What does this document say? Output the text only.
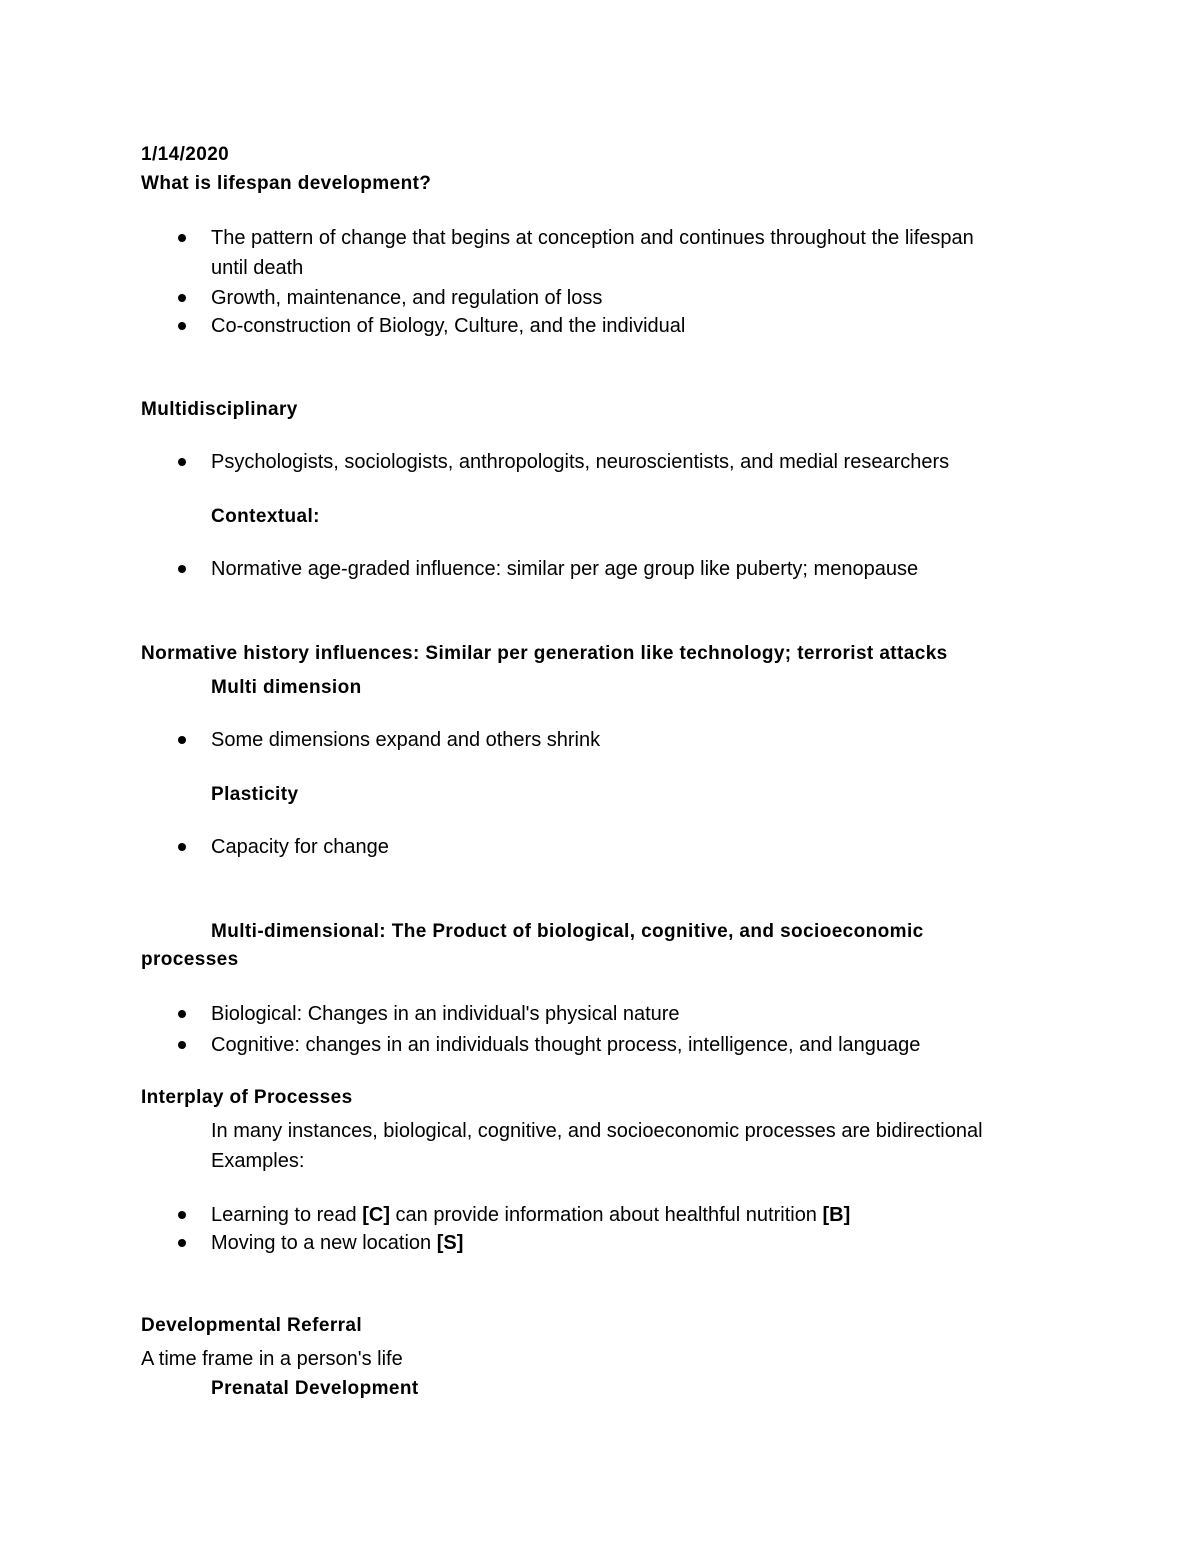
1/14/2020
What is lifespan development?
The pattern of change that begins at conception and continues throughout the lifespan
until death
Growth, maintenance, and regulation of loss
Co-construction of Biology, Culture, and the individual
Multidisciplinary
Psychologists, sociologists, anthropologits, neuroscientists, and medial researchers
Contextual:
Normative age-graded influence: similar per age group like puberty; menopause
Normative history influences: Similar per generation like technology; terrorist attacks
Multi dimension
Some dimensions expand and others shrink
Plasticity
Capacity for change
Multi-dimensional: The Product of biological, cognitive, and socioeconomic
processes
Biological: Changes in an individual's physical nature
Cognitive: changes in an individuals thought process, intelligence, and language
Interplay of Processes
In many instances, biological, cognitive, and socioeconomic processes are bidirectional
Examples:
Learning to read [C] can provide information about healthful nutrition [B]
Moving to a new location [S]
Developmental Referral
A time frame in a person's life
Prenatal Development
